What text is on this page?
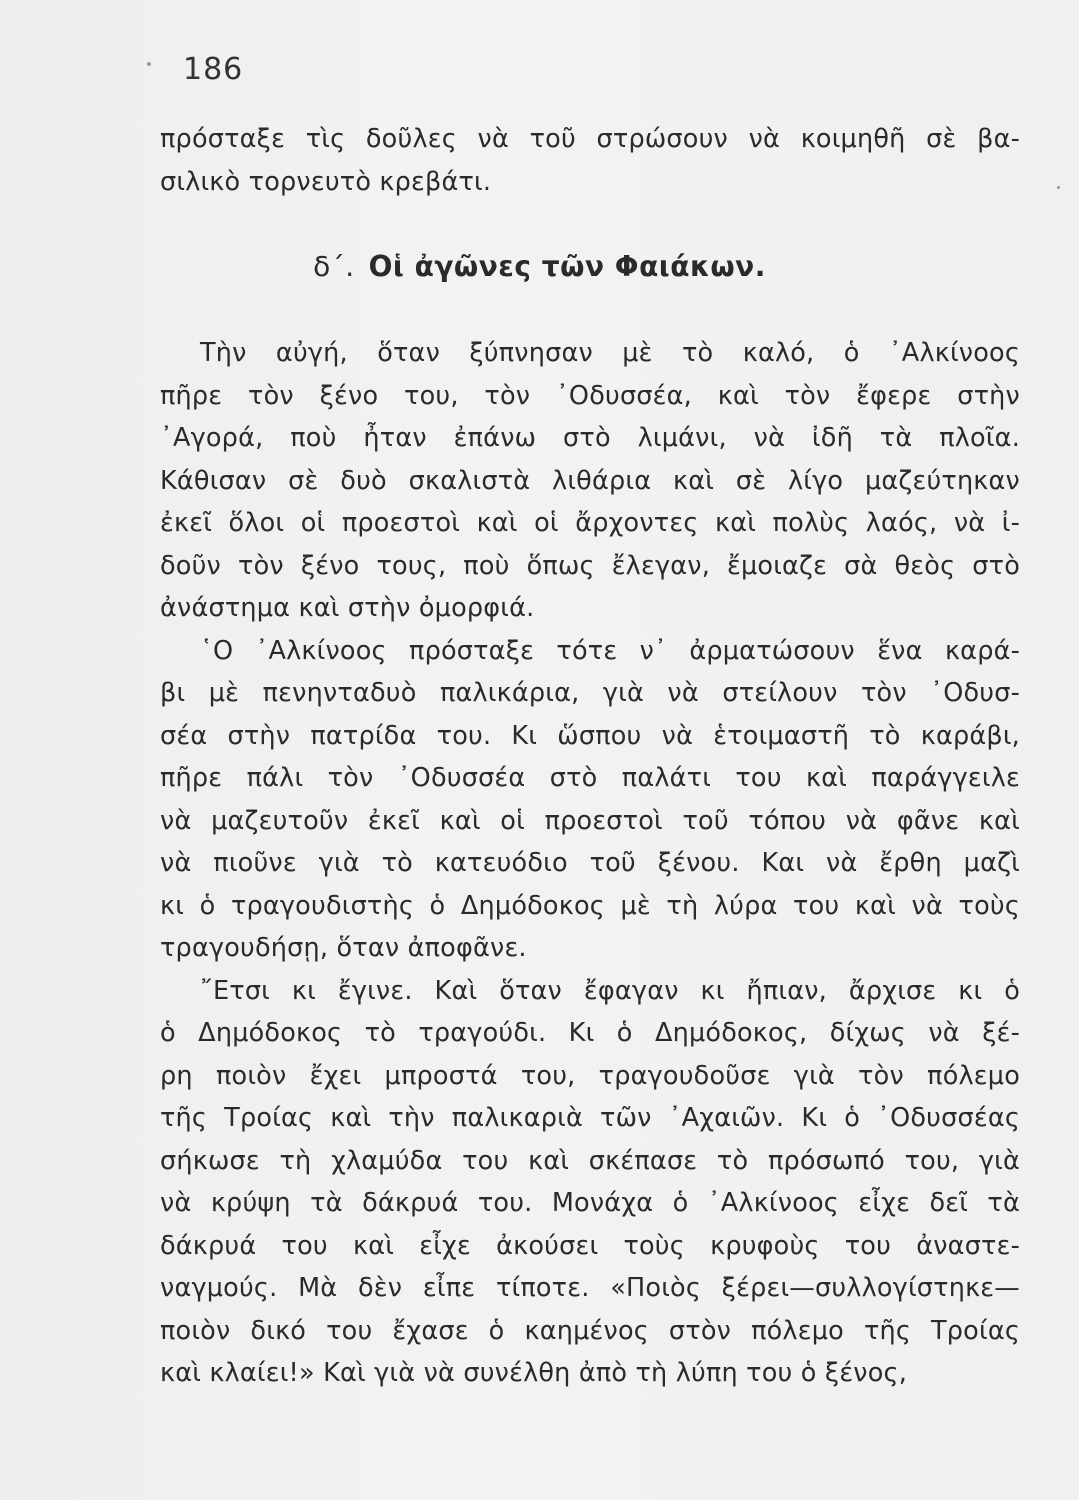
186
πρόσταξε τὶς δοῦλες νὰ τοῦ στρώσουν νὰ κοιμηθῆ σὲ βα-
σιλικὸ τορνευτὸ κρεβάτι.
δ΄. Οἱ ἀγῶνες τῶν Φαιάκων.
Τὴν αὐγή, ὅταν ξύπνησαν μὲ τὸ καλό, ὁ ᾿Αλκίνοος
πῆρε τὸν ξένο του, τὸν ᾿Οδυσσέα, καὶ τὸν ἔφερε στὴν
᾿Αγορά, ποὺ ἦταν ἐπάνω στὸ λιμάνι, νὰ ἰδῆ τὰ πλοῖα.
Κάθισαν σὲ δυὸ σκαλιστὰ λιθάρια καὶ σὲ λίγο μαζεύτηκαν
ἐκεῖ ὅλοι οἱ προεστοὶ καὶ οἱ ἄρχοντες καὶ πολὺς λαός, νὰ ἰ-
δοῦν τὸν ξένο τους, ποὺ ὅπως ἔλεγαν, ἔμοιαζε σὰ θεὸς στὸ
ἀνάστημα καὶ στὴν ὀμορφιά.
῾Ο ᾿Αλκίνοος πρόσταξε τότε ν᾿ ἀρματώσουν ἕνα καρά-
βι μὲ πενηνταδυὸ παλικάρια, γιὰ νὰ στείλουν τὸν ᾿Οδυσ-
σέα στὴν πατρίδα του. Κι ὥσπου νὰ ἑτοιμαστῆ τὸ καράβι,
πῆρε πάλι τὸν ᾿Οδυσσέα στὸ παλάτι του καὶ παράγγειλε
νὰ μαζευτοῦν ἐκεῖ καὶ οἱ προεστοὶ τοῦ τόπου νὰ φᾶνε καὶ
νὰ πιοῦνε γιὰ τὸ κατευόδιο τοῦ ξένου. Και νὰ ἔρθη μαζὶ
κι ὁ τραγουδιστὴς ὁ Δημόδοκος μὲ τὴ λύρα του καὶ νὰ τοὺς
τραγουδήσῃ, ὅταν ἀποφᾶνε.
῎Ετσι κι ἔγινε. Καὶ ὅταν ἔφαγαν κι ἤπιαν, ἄρχισε κι ὁ
ὁ Δημόδοκος τὸ τραγούδι. Κι ὁ Δημόδοκος, δίχως νὰ ξέ-
ρη ποιὸν ἔχει μπροστά του, τραγουδοῦσε γιὰ τὸν πόλεμο
τῆς Τροίας καὶ τὴν παλικαριὰ τῶν ᾿Αχαιῶν. Κι ὁ ᾿Οδυσσέας
σήκωσε τὴ χλαμύδα του καὶ σκέπασε τὸ πρόσωπό του, γιὰ
νὰ κρύψη τὰ δάκρυά του. Μονάχα ὁ ᾿Αλκίνοος εἶχε δεῖ τὰ
δάκρυά του καὶ εἶχε ἀκούσει τοὺς κρυφοὺς του ἀναστε-
ναγμούς. Μὰ δὲν εἶπε τίποτε. «Ποιὸς ξέρει—συλλογίστηκε—
ποιὸν δικό του ἔχασε ὁ καημένος στὸν πόλεμο τῆς Τροίας
καὶ κλαίει!» Καὶ γιὰ νὰ συνέλθη ἀπὸ τὴ λύπη του ὁ ξένος,
